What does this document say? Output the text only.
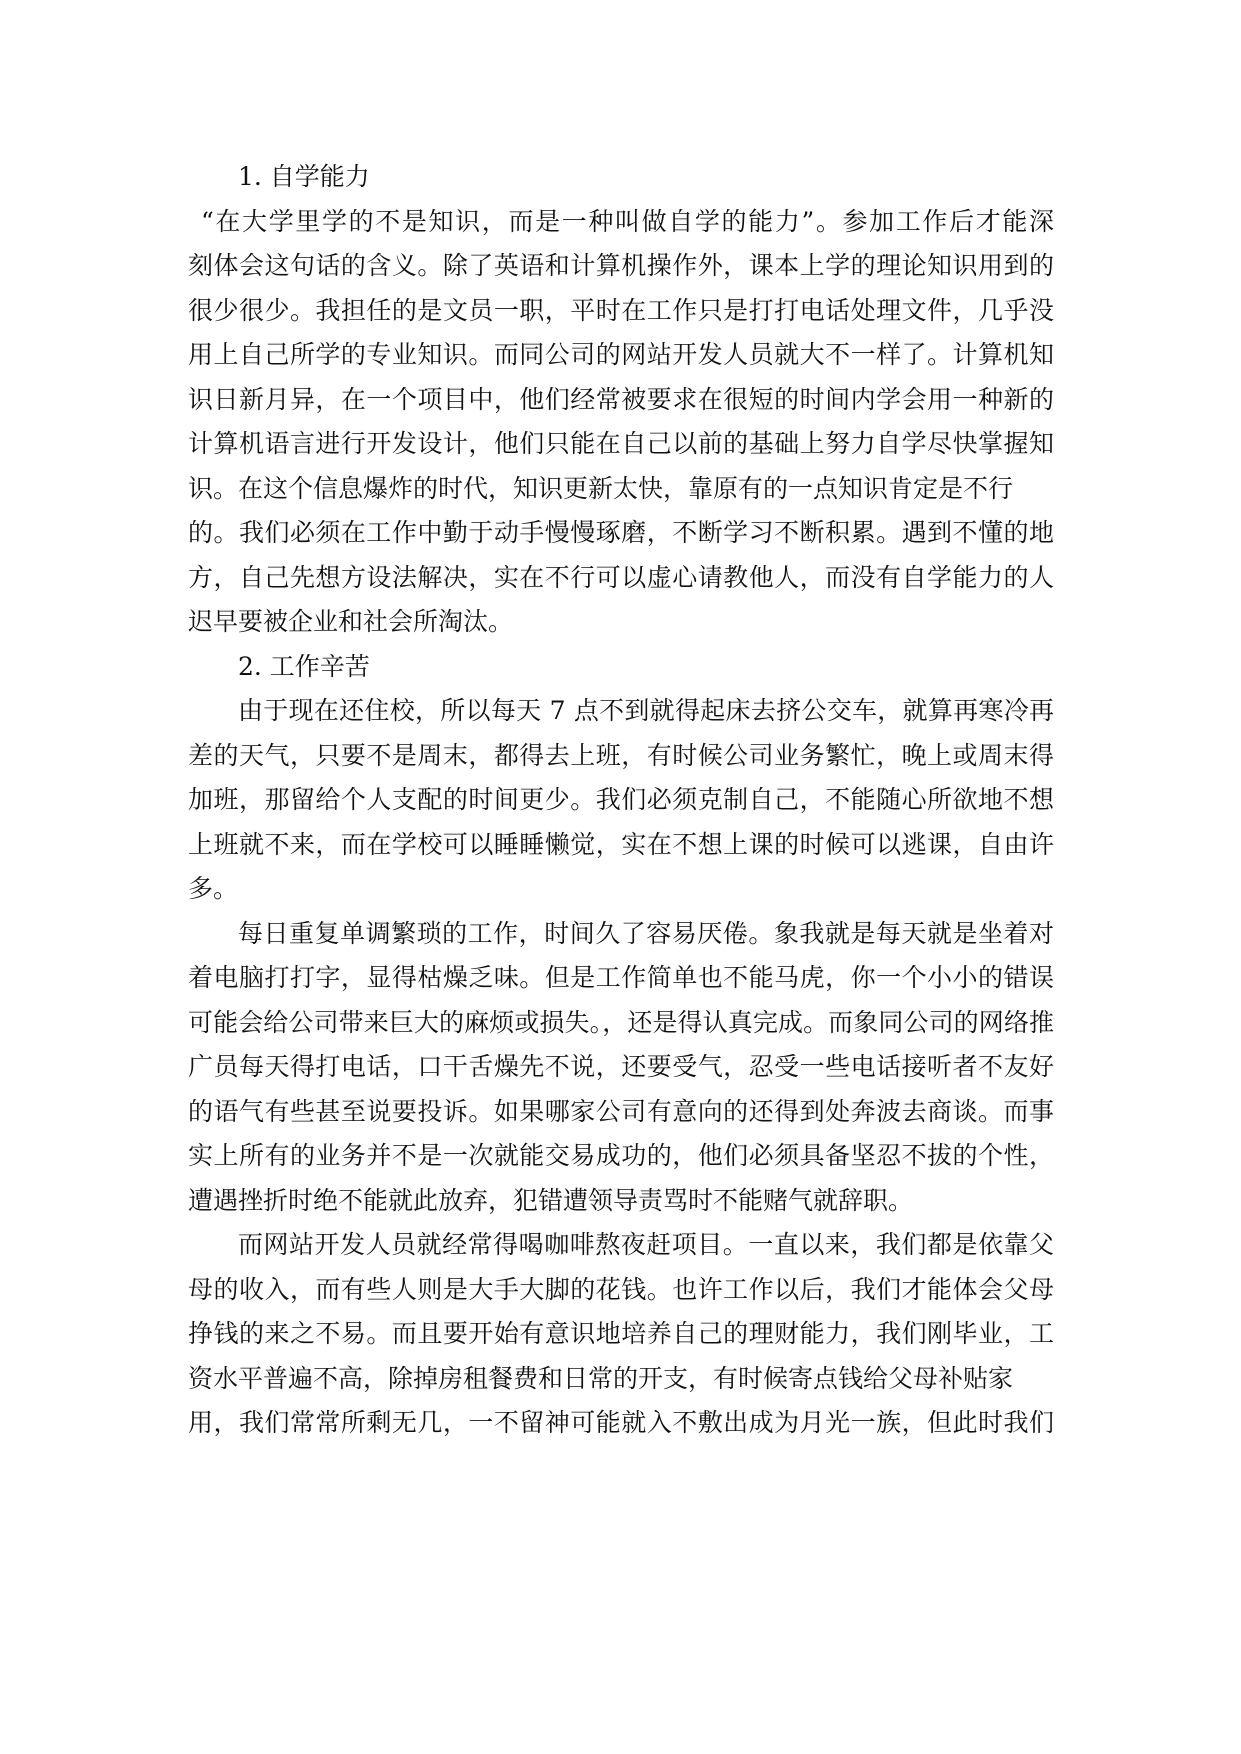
1. 自学能力
“在大学里学的不是知识，而是一种叫做自学的能力”。参加工作后才能深
刻体会这句话的含义。除了英语和计算机操作外，课本上学的理论知识用到的
很少很少。我担任的是文员一职，平时在工作只是打打电话处理文件，几乎没
用上自己所学的专业知识。而同公司的网站开发人员就大不一样了。计算机知
识日新月异，在一个项目中，他们经常被要求在很短的时间内学会用一种新的
计算机语言进行开发设计，他们只能在自己以前的基础上努力自学尽快掌握知
识。在这个信息爆炸的时代，知识更新太快，靠原有的一点知识肯定是不行
的。我们必须在工作中勤于动手慢慢琢磨，不断学习不断积累。遇到不懂的地
方，自己先想方设法解决，实在不行可以虚心请教他人，而没有自学能力的人
迟早要被企业和社会所淘汰。
2. 工作辛苦
由于现在还住校，所以每天 7 点不到就得起床去挤公交车，就算再寒冷再
差的天气，只要不是周末，都得去上班，有时候公司业务繁忙，晚上或周末得
加班，那留给个人支配的时间更少。我们必须克制自己，不能随心所欲地不想
上班就不来，而在学校可以睡睡懒觉，实在不想上课的时候可以逃课，自由许
多。
每日重复单调繁琐的工作，时间久了容易厌倦。象我就是每天就是坐着对
着电脑打打字，显得枯燥乏味。但是工作简单也不能马虎，你一个小小的错误
可能会给公司带来巨大的麻烦或损失。，还是得认真完成。而象同公司的网络推
广员每天得打电话，口干舌燥先不说，还要受气，忍受一些电话接听者不友好
的语气有些甚至说要投诉。如果哪家公司有意向的还得到处奔波去商谈。而事
实上所有的业务并不是一次就能交易成功的，他们必须具备坚忍不拔的个性，
遭遇挫折时绝不能就此放弃，犯错遭领导责骂时不能赌气就辞职。
而网站开发人员就经常得喝咖啡熬夜赶项目。一直以来，我们都是依靠父
母的收入，而有些人则是大手大脚的花钱。也许工作以后，我们才能体会父母
挣钱的来之不易。而且要开始有意识地培养自己的理财能力，我们刚毕业，工
资水平普遍不高，除掉房租餐费和日常的开支，有时候寄点钱给父母补贴家
用，我们常常所剩无几，一不留神可能就入不敷出成为月光一族，但此时我们
